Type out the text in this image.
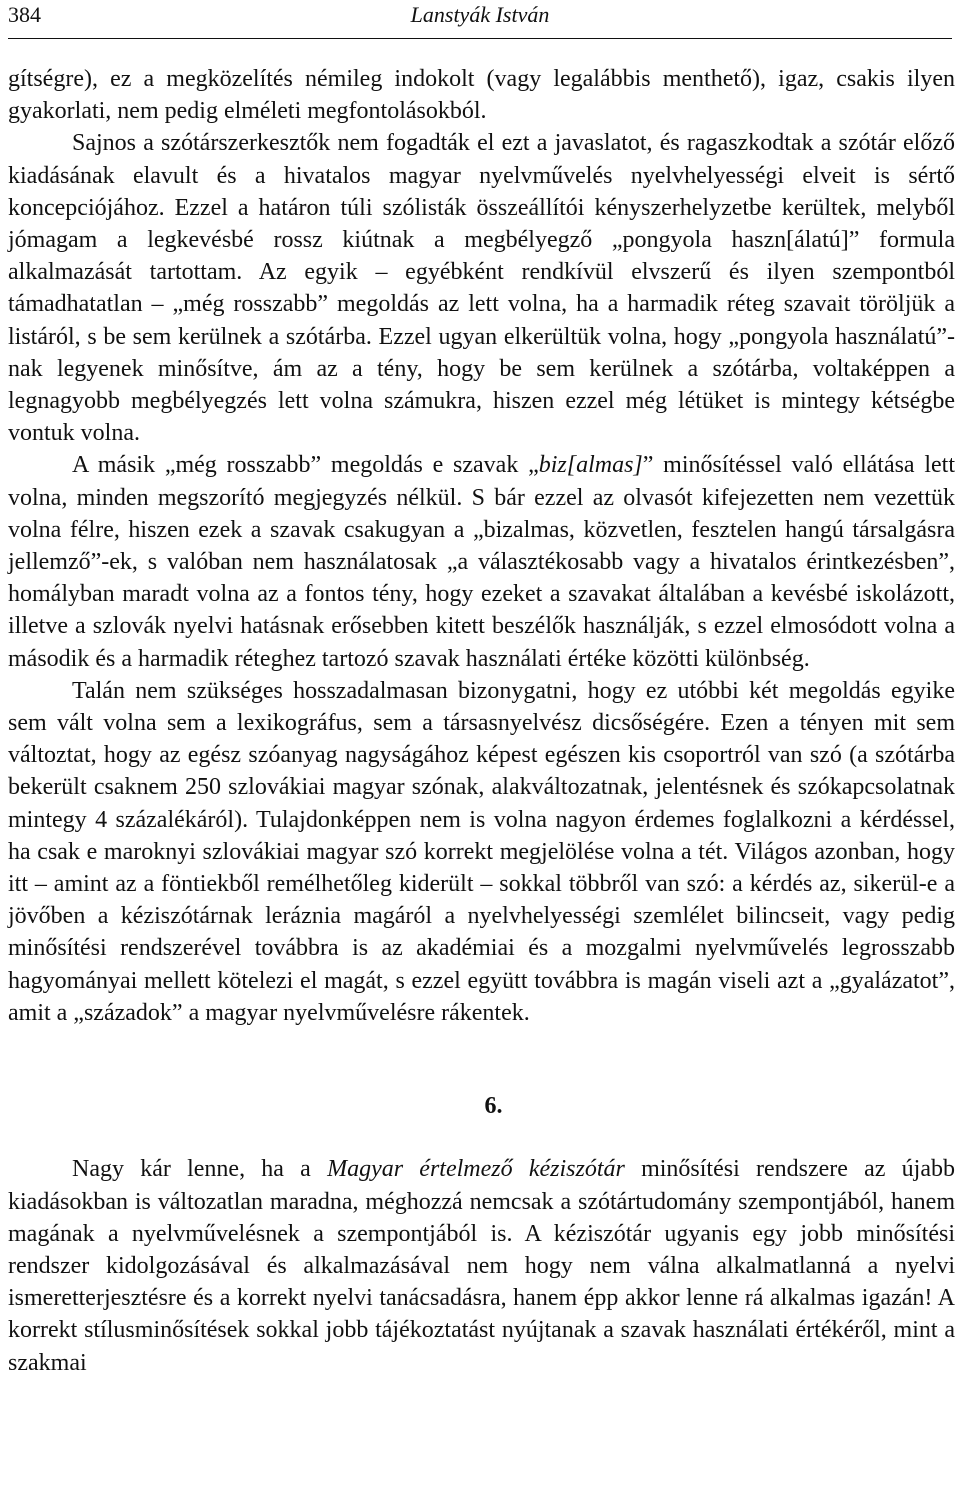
384	Lanstyák István

gítségre), ez a megközelítés némileg indokolt (vagy legalábbis menthető), igaz, csakis ilyen gyakorlati, nem pedig elméleti megfontolásokból.

Sajnos a szótárszerkesztők nem fogadták el ezt a javaslatot, és ragaszkodtak a szótár előző kiadásának elavult és a hivatalos magyar nyelvművelés nyelvhelyességi elveit is sértő koncepciójához. Ezzel a határon túli szólisták összeállítói kényszerhelyzetbe kerültek, melyből jómagam a legkevésbé rossz kiútnak a megbélyegző „pongyola haszn[álatú]” formula alkalmazását tartottam. Az egyik – egyébként rendkívül elvszerű és ilyen szempontból támadhatatlan – „még rosszabb” megoldás az lett volna, ha a harmadik réteg szavait töröljük a listáról, s be sem kerülnek a szótárba. Ezzel ugyan elkerültük volna, hogy „pongyola használatú”-nak legyenek minősítve, ám az a tény, hogy be sem kerülnek a szótárba, voltaképpen a legnagyobb megbélyegzés lett volna számukra, hiszen ezzel még létüket is mintegy kétségbe vontuk volna.

A másik „még rosszabb” megoldás e szavak „biz[almas]” minősítéssel való ellátása lett volna, minden megszorító megjegyzés nélkül. S bár ezzel az olvasót kifejezetten nem vezettük volna félre, hiszen ezek a szavak csakugyan a „bizalmas, közvetlen, fesztelen hangú társalgásra jellemző”-ek, s valóban nem használatosak „a választékosabb vagy a hivatalos érintkezésben”, homályban maradt volna az a fontos tény, hogy ezeket a szavakat általában a kevésbé iskolázott, illetve a szlovák nyelvi hatásnak erősebben kitett beszélők használják, s ezzel elmosódott volna a második és a harmadik réteghez tartozó szavak használati értéke közötti különbség.

Talán nem szükséges hosszadalmasan bizonygatni, hogy ez utóbbi két megoldás egyike sem vált volna sem a lexikográfus, sem a társasnyelvész dicsőségére. Ezen a tényen mit sem változtat, hogy az egész szóanyag nagyságához képest egészen kis csoportról van szó (a szótárba bekerült csaknem 250 szlovákiai magyar szónak, alakváltozatnak, jelentésnek és szókapcsolatnak mintegy 4 százalékáról). Tulajdonképpen nem is volna nagyon érdemes foglalkozni a kérdéssel, ha csak e maroknyi szlovákiai magyar szó korrekt megjelölése volna a tét. Világos azonban, hogy itt – amint az a föntiekből remélhetőleg kiderült – sokkal többről van szó: a kérdés az, sikerül-e a jövőben a kéziszótárnak leráznia magáról a nyelvhelyességi szemlélet bilincseit, vagy pedig minősítési rendszerével továbbra is az akadémiai és a mozgalmi nyelvművelés legrosszabb hagyományai mellett kötelezi el magát, s ezzel együtt továbbra is magán viseli azt a „gyalázatot”, amit a „századok” a magyar nyelvművelésre rákentek.

6.

Nagy kár lenne, ha a Magyar értelmező kéziszótár minősítési rendszere az újabb kiadásokban is változatlan maradna, méghozzá nemcsak a szótártudomány szempontjából, hanem magának a nyelvművelésnek a szempontjából is. A kéziszótár ugyanis egy jobb minősítési rendszer kidolgozásával és alkalmazásával nem hogy nem válna alkalmatlanná a nyelvi ismeretterjesztésre és a korrekt nyelvi tanácsadásra, hanem épp akkor lenne rá alkalmas igazán! A korrekt stílusminősítések sokkal jobb tájékoztatást nyújtanak a szavak használati értékéről, mint a szakmai
